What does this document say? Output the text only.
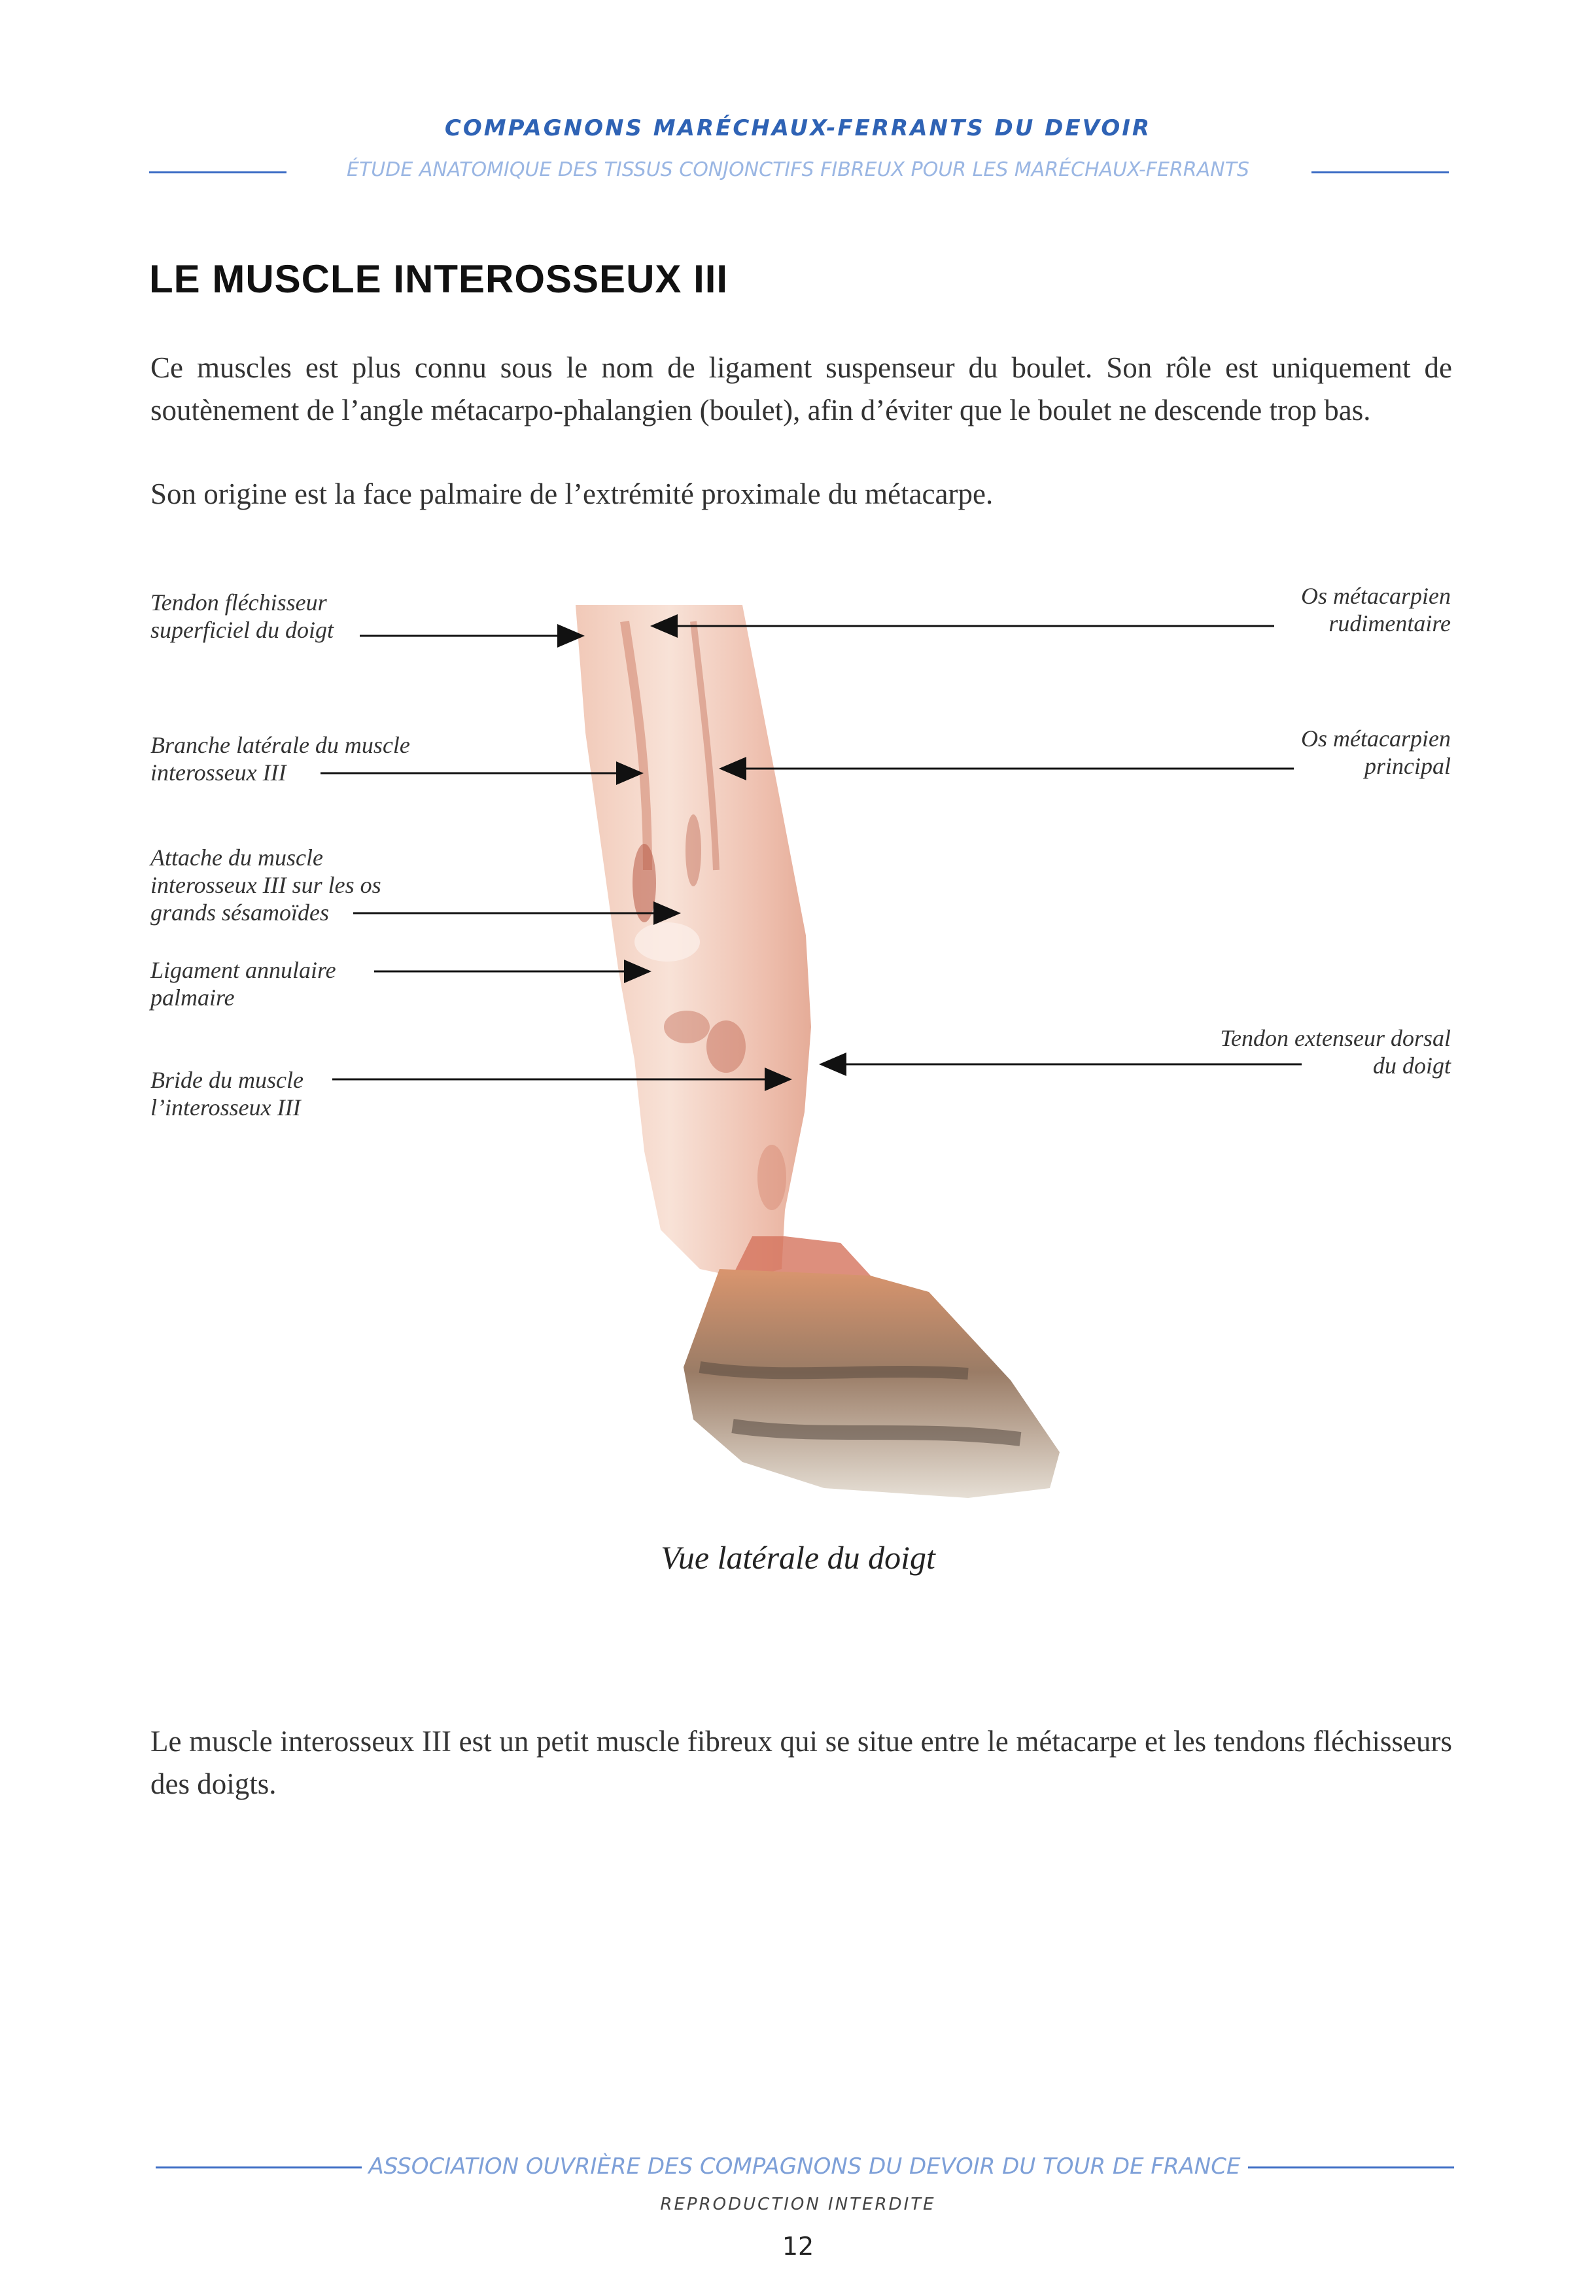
COMPAGNONS MARÉCHAUX-FERRANTS DU DEVOIR
ÉTUDE ANATOMIQUE DES TISSUS CONJONCTIFS FIBREUX POUR LES MARÉCHAUX-FERRANTS
LE MUSCLE INTEROSSEUX III
Ce muscles est plus connu sous le nom de ligament suspenseur du boulet. Son rôle est uniquement de soutènement de l’angle métacarpo-phalangien (boulet), afin d’éviter que le boulet ne descende trop bas.
Son origine est la face palmaire de l’extrémité proximale du métacarpe.
Tendon fléchisseur
superficiel du doigt
Branche latérale du muscle
interosseux III
Attache du muscle
interosseux III sur les os
grands sésamoïdes
Ligament annulaire
palmaire
Bride du muscle
l’interosseux III
Os métacarpien
rudimentaire
Os métacarpien
principal
Tendon extenseur dorsal
du doigt
Vue latérale du doigt
Le muscle interosseux III est un petit muscle fibreux qui se situe entre le métacarpe et les tendons fléchisseurs des doigts.
ASSOCIATION OUVRIÈRE DES COMPAGNONS DU DEVOIR DU TOUR DE FRANCE
REPRODUCTION INTERDITE
12
